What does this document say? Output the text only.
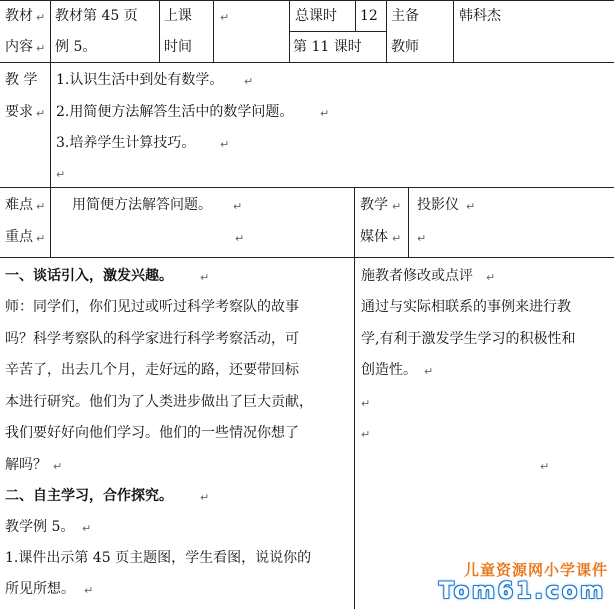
教材
内容
↵
↵
教材第 45 页
例 5。
上课
时间
↵	总课时 12
第 11 课时
主备
教师
韩科杰
教 学
要求 ↵
1.认识生活中到处有数学。
2.用简便方法解答生活中的数学问题。
3.培养学生计算技巧。
↵
↵
↵
↵
难点
重点
↵
↵
用简便方法解答问题。 ↵
↵
教学
媒体
↵
↵
投影仪 ↵
↵
一、谈话引入，激发兴趣。 ↵
师：同学们，你们见过或听过科学考察队的故事
吗？科学考察队的科学家进行科学考察活动，可
辛苦了，出去几个月，走好远的路，还要带回标
本进行研究。他们为了人类进步做出了巨大贡献，
我们要好好向他们学习。他们的一些情况你想了
解吗？ ↵
二、自主学习，合作探究。 ↵
教学例 5。 ↵
1.课件出示第 45 页主题图，学生看图，说说你的
所见所想。 ↵
施教者修改或点评 ↵
通过与实际相联系的事例来进行教
学,有利于激发学生学习的积极性和
创造性。 ↵
↵
↵
↵
儿童资源网小学课件
Tom61.com
